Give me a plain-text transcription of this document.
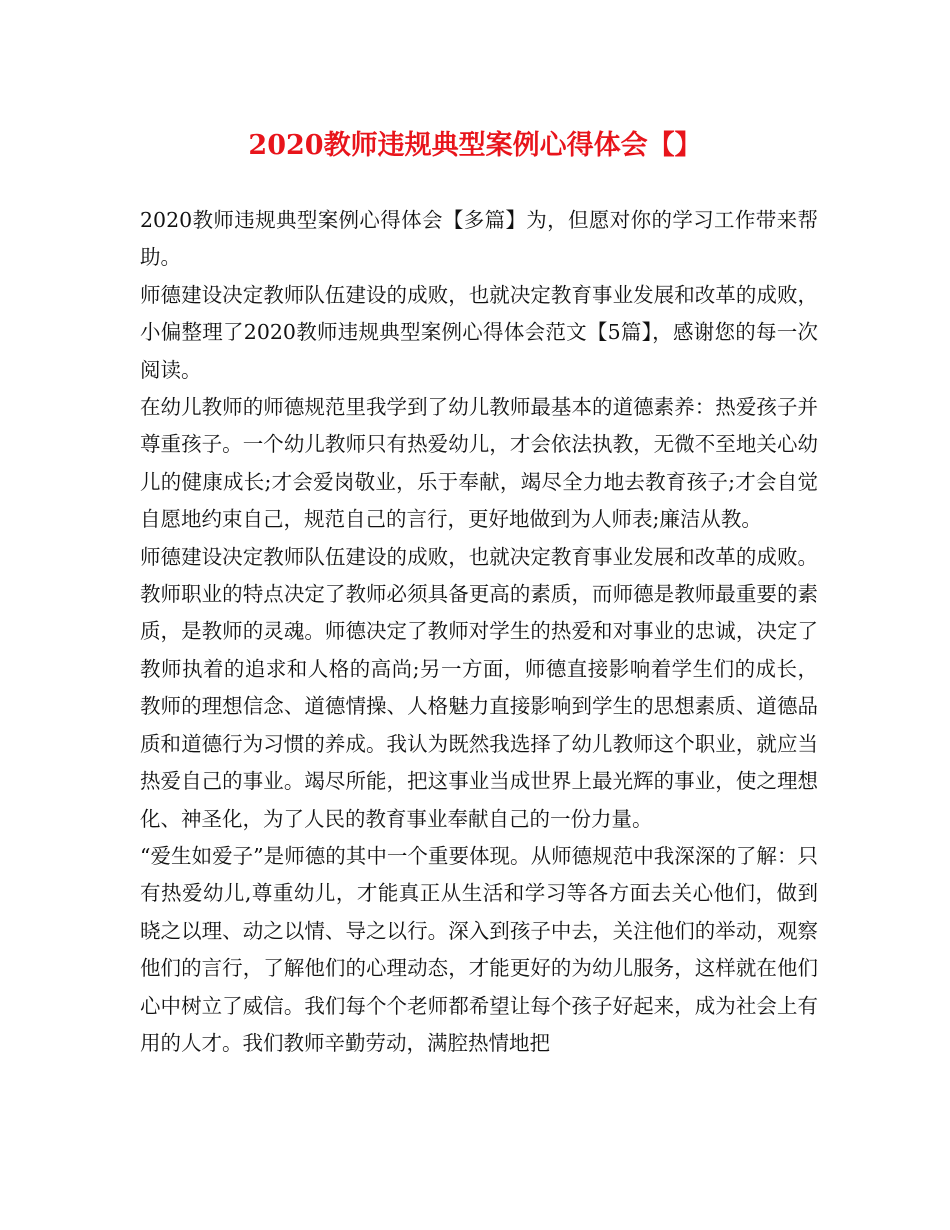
2020教师违规典型案例心得体会【】

2020教师违规典型案例心得体会【多篇】为，但愿对你的学习工作带来帮助。

师德建设决定教师队伍建设的成败，也就决定教育事业发展和改革的成败，小偏整理了2020教师违规典型案例心得体会范文【5篇】，感谢您的每一次阅读。

在幼儿教师的师德规范里我学到了幼儿教师最基本的道德素养：热爱孩子并尊重孩子。一个幼儿教师只有热爱幼儿，才会依法执教，无微不至地关心幼儿的健康成长;才会爱岗敬业，乐于奉献，竭尽全力地去教育孩子;才会自觉自愿地约束自己，规范自己的言行，更好地做到为人师表;廉洁从教。

师德建设决定教师队伍建设的成败，也就决定教育事业发展和改革的成败。教师职业的特点决定了教师必须具备更高的素质，而师德是教师最重要的素质，是教师的灵魂。师德决定了教师对学生的热爱和对事业的忠诚，决定了教师执着的追求和人格的高尚;另一方面，师德直接影响着学生们的成长，教师的理想信念、道德情操、人格魅力直接影响到学生的思想素质、道德品质和道德行为习惯的养成。我认为既然我选择了幼儿教师这个职业，就应当热爱自己的事业。竭尽所能，把这事业当成世界上最光辉的事业，使之理想化、神圣化，为了人民的教育事业奉献自己的一份力量。

“爱生如爱子”是师德的其中一个重要体现。从师德规范中我深深的了解：只有热爱幼儿,尊重幼儿，才能真正从生活和学习等各方面去关心他们，做到晓之以理、动之以情、导之以行。深入到孩子中去，关注他们的举动，观察他们的言行，了解他们的心理动态，才能更好的为幼儿服务，这样就在他们心中树立了威信。我们每个个老师都希望让每个孩子好起来，成为社会上有用的人才。我们教师辛勤劳动，满腔热情地把
